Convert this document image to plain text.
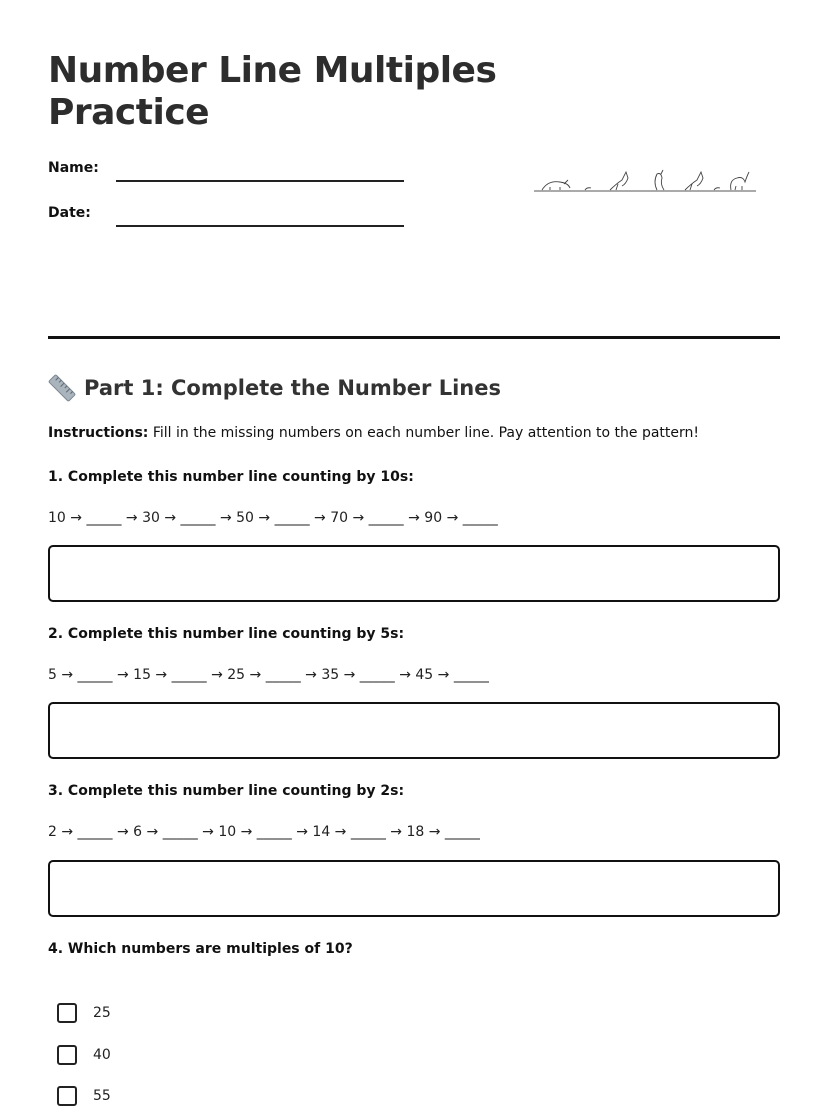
Number Line Multiples Practice
Name:
Date:
Part 1: Complete the Number Lines
Instructions: Fill in the missing numbers on each number line. Pay attention to the pattern!
1. Complete this number line counting by 10s:
10 → _____ → 30 → _____ → 50 → _____ → 70 → _____ → 90 → _____
2. Complete this number line counting by 5s:
5 → _____ → 15 → _____ → 25 → _____ → 35 → _____ → 45 → _____
3. Complete this number line counting by 2s:
2 → _____ → 6 → _____ → 10 → _____ → 14 → _____ → 18 → _____
4. Which numbers are multiples of 10?
25
40
55
